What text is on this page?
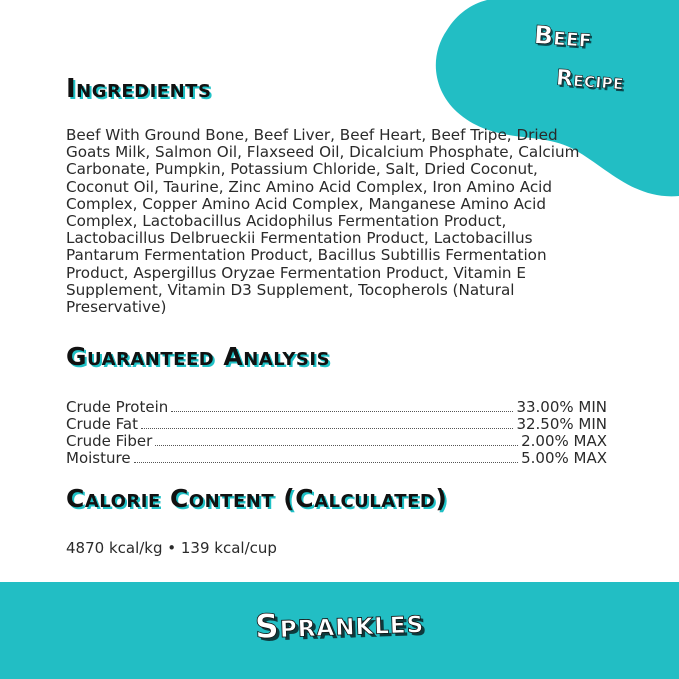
Beef
Recipe
Ingredients

Beef With Ground Bone, Beef Liver, Beef Heart, Beef Tripe, Dried Goats Milk, Salmon Oil, Flaxseed Oil, Dicalcium Phosphate, Calcium Carbonate, Pumpkin, Potassium Chloride, Salt, Dried Coconut, Coconut Oil, Taurine, Zinc Amino Acid Complex, Iron Amino Acid Complex, Copper Amino Acid Complex, Manganese Amino Acid Complex, Lactobacillus Acidophilus Fermentation Product, Lactobacillus Delbrueckii Fermentation Product, Lactobacillus Pantarum Fermentation Product, Bacillus Subtillis Fermentation Product, Aspergillus Oryzae Fermentation Product, Vitamin E Supplement, Vitamin D3 Supplement, Tocopherols (Natural Preservative)

Guaranteed Analysis
Crude Protein	33.00% MIN
Crude Fat	32.50% MIN
Crude Fiber	2.00% MAX
Moisture	5.00% MAX
Calorie Content (Calculated)

4870 kcal/kg • 139 kcal/cup

Sprankles
